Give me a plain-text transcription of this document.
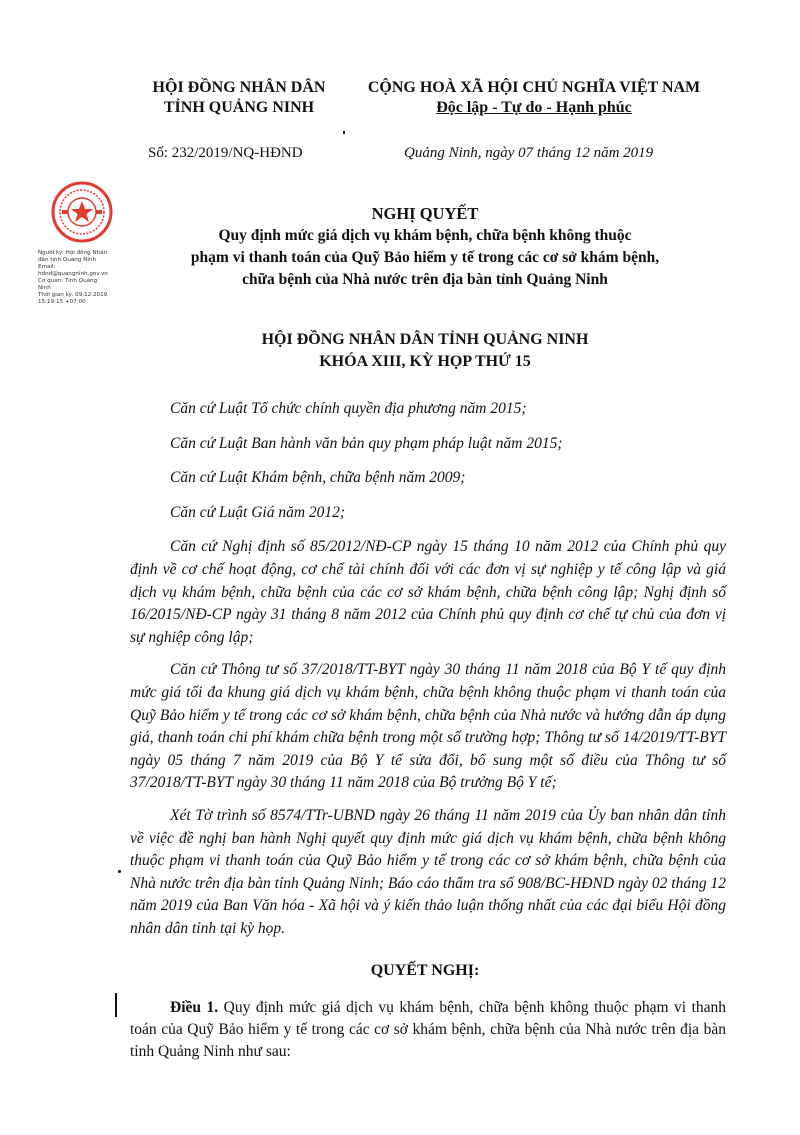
HỘI ĐỒNG NHÂN DÂN
TỈNH QUẢNG NINH
CỘNG HOÀ XÃ HỘI CHỦ NGHĨA VIỆT NAM
Độc lập - Tự do - Hạnh phúc
Số: 232/2019/NQ-HĐND	Quảng Ninh, ngày 07 tháng 12 năm 2019
Người ký: Hội đồng Nhân
dân tỉnh Quảng Ninh
Email:
hdnd@quangninh.gov.vn
Cơ quan: Tỉnh Quảng
Ninh
Thời gian ký: 09.12.2019
15:19:15 +07:00
NGHỊ QUYẾT
Quy định mức giá dịch vụ khám bệnh, chữa bệnh không thuộc
phạm vi thanh toán của Quỹ Bảo hiểm y tế trong các cơ sở khám bệnh,
chữa bệnh của Nhà nước trên địa bàn tỉnh Quảng Ninh
HỘI ĐỒNG NHÂN DÂN TỈNH QUẢNG NINH
KHÓA XIII, KỲ HỌP THỨ 15

Căn cứ Luật Tổ chức chính quyền địa phương năm 2015;

Căn cứ Luật Ban hành văn bản quy phạm pháp luật năm 2015;

Căn cứ Luật Khám bệnh, chữa bệnh năm 2009;

Căn cứ Luật Giá năm 2012;

Căn cứ Nghị định số 85/2012/NĐ-CP ngày 15 tháng 10 năm 2012 của Chính phủ quy định về cơ chế hoạt động, cơ chế tài chính đối với các đơn vị sự nghiệp y tế công lập và giá dịch vụ khám bệnh, chữa bệnh của các cơ sở khám bệnh, chữa bệnh công lập; Nghị định số 16/2015/NĐ-CP ngày 31 tháng 8 năm 2012 của Chính phủ quy định cơ chế tự chủ của đơn vị sự nghiệp công lập;

Căn cứ Thông tư số 37/2018/TT-BYT ngày 30 tháng 11 năm 2018 của Bộ Y tế quy định mức giá tối đa khung giá dịch vụ khám bệnh, chữa bệnh không thuộc phạm vi thanh toán của Quỹ Bảo hiểm y tế trong các cơ sở khám bệnh, chữa bệnh của Nhà nước và hướng dẫn áp dụng giá, thanh toán chi phí khám chữa bệnh trong một số trường hợp; Thông tư số 14/2019/TT-BYT ngày 05 tháng 7 năm 2019 của Bộ Y tế sửa đổi, bổ sung một số điều của Thông tư số 37/2018/TT-BYT ngày 30 tháng 11 năm 2018 của Bộ trưởng Bộ Y tế;

Xét Tờ trình số 8574/TTr-UBND ngày 26 tháng 11 năm 2019 của Ủy ban nhân dân tỉnh về việc đề nghị ban hành Nghị quyết quy định mức giá dịch vụ khám bệnh, chữa bệnh không thuộc phạm vi thanh toán của Quỹ Bảo hiểm y tế trong các cơ sở khám bệnh, chữa bệnh của Nhà nước trên địa bàn tỉnh Quảng Ninh; Báo cáo thẩm tra số 908/BC-HĐND ngày 02 tháng 12 năm 2019 của Ban Văn hóa - Xã hội và ý kiến thảo luận thống nhất của các đại biểu Hội đồng nhân dân tỉnh tại kỳ họp.

QUYẾT NGHỊ:

Điều 1. Quy định mức giá dịch vụ khám bệnh, chữa bệnh không thuộc phạm vi thanh toán của Quỹ Bảo hiểm y tế trong các cơ sở khám bệnh, chữa bệnh của Nhà nước trên địa bàn tỉnh Quảng Ninh như sau:
